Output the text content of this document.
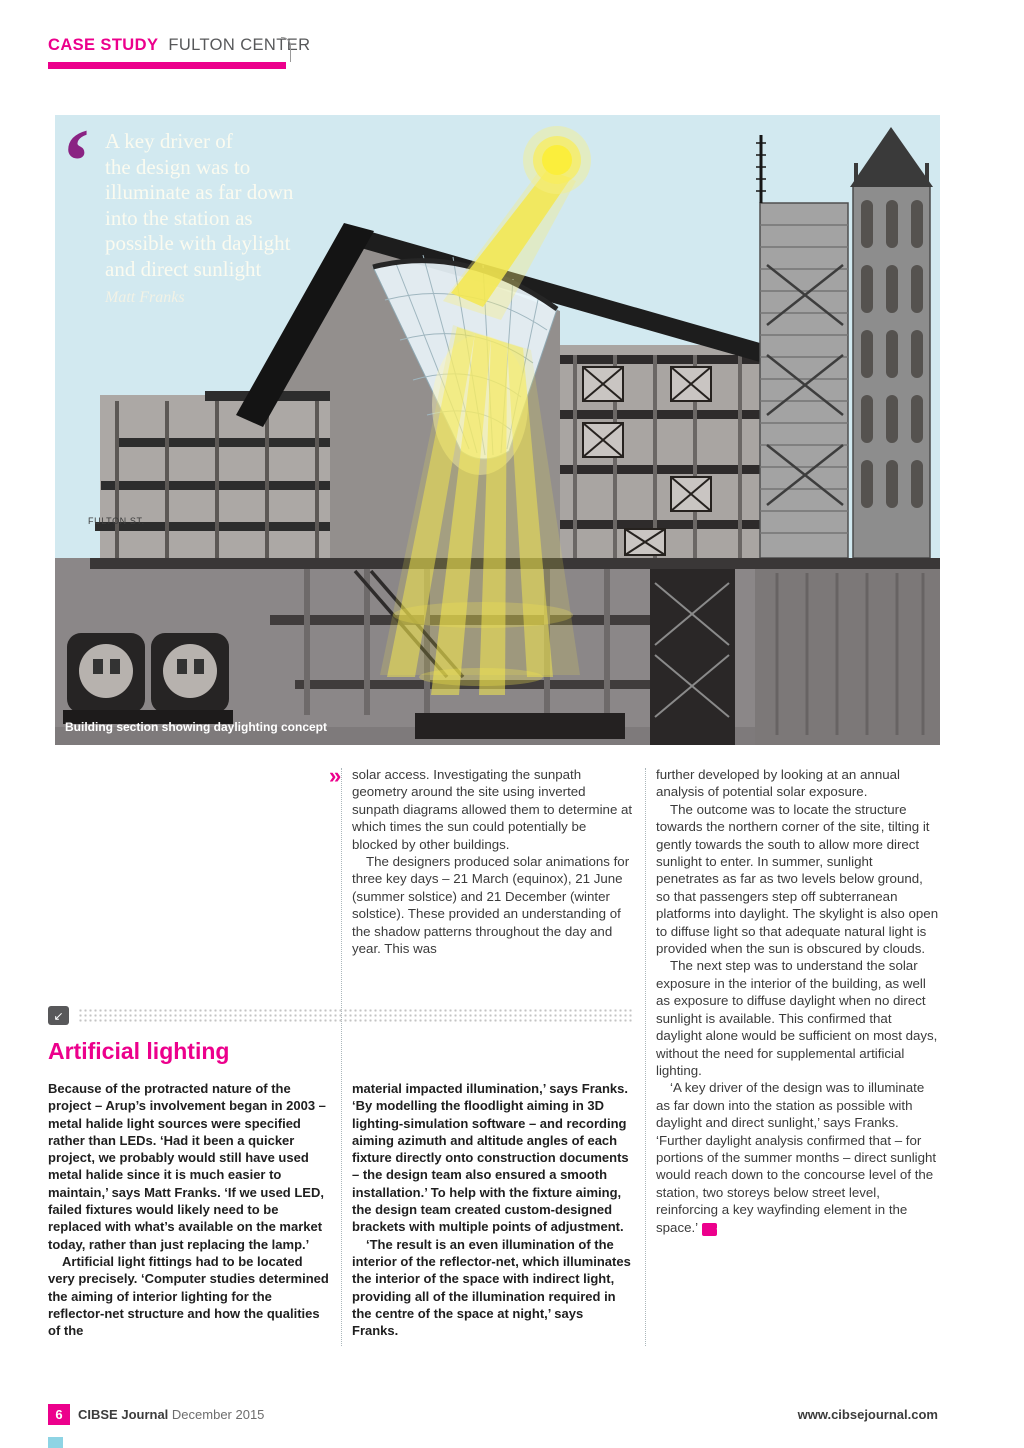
CASE STUDY FULTON CENTER
‘ A key driver of
the design was to
illuminate as far down
into the station as
possible with daylight
and direct sunlight
Matt Franks
FULTON ST.
Building section showing daylighting concept
» solar access. Investigating the sunpath geometry around the site using inverted sunpath diagrams allowed them to determine at which times the sun could potentially be blocked by other buildings.

The designers produced solar animations for three key days – 21 March (equinox), 21 June (summer solstice) and 21 December (winter solstice). These provided an understanding of the shadow patterns throughout the day and year. This was

further developed by looking at an annual analysis of potential solar exposure.

The outcome was to locate the structure towards the northern corner of the site, tilting it gently towards the south to allow more direct sunlight to enter. In summer, sunlight penetrates as far as two levels below ground, so that passengers step off subterranean platforms into daylight. The skylight is also open to diffuse light so that adequate natural light is provided when the sun is obscured by clouds.

The next step was to understand the solar exposure in the interior of the building, as well as exposure to diffuse daylight when no direct sunlight is available. This confirmed that daylight alone would be sufficient on most days, without the need for supplemental artificial lighting.

‘A key driver of the design was to illuminate as far down into the station as possible with daylight and direct sunlight,’ says Franks. ‘Further daylight analysis confirmed that – for portions of the summer months – direct sunlight would reach down to the concourse level of the station, two storeys below street level, reinforcing a key wayfinding element in the space.’ ↵

↙
Artificial lighting

Because of the protracted nature of the project – Arup’s involvement began in 2003 – metal halide light sources were specified rather than LEDs. ‘Had it been a quicker project, we probably would still have used metal halide since it is much easier to maintain,’ says Matt Franks. ‘If we used LED, failed fixtures would likely need to be replaced with what’s available on the market today, rather than just replacing the lamp.’

Artificial light fittings had to be located very precisely. ‘Computer studies determined the aiming of interior lighting for the reflector-net structure and how the qualities of the

material impacted illumination,’ says Franks. ‘By modelling the floodlight aiming in 3D lighting-simulation software – and recording aiming azimuth and altitude angles of each fixture directly onto construction documents – the design team also ensured a smooth installation.’ To help with the fixture aiming, the design team created custom-designed brackets with multiple points of adjustment.

‘The result is an even illumination of the interior of the reflector-net, which illuminates the interior of the space with indirect light, providing all of the illumination required in the centre of the space at night,’ says Franks.

6	CIBSE Journal December 2015	www.cibsejournal.com
